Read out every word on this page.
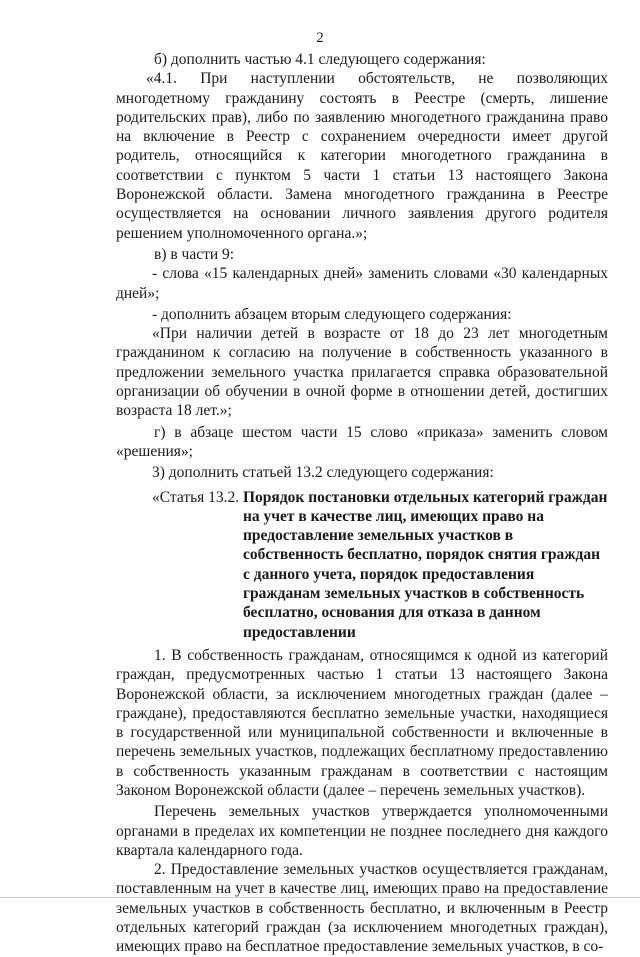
2

б) дополнить частью 4.1 следующего содержания:

«4.1. При наступлении обстоятельств, не позволяющих многодетному гражданину состоять в Реестре (смерть, лишение родительских прав), либо по заявлению многодетного гражданина право на включение в Реестр с сохранением очередности имеет другой родитель, относящийся к категории многодетного гражданина в соответствии с пунктом 5 части 1 статьи 13 настоящего Закона Воронежской области. Замена многодетного гражданина в Реестре осуществляется на основании личного заявления другого родителя решением уполномоченного органа.»;

в) в части 9:

- слова «15 календарных дней» заменить словами «30 календарных дней»;

- дополнить абзацем вторым следующего содержания:

«При наличии детей в возрасте от 18 до 23 лет многодетным гражданином к согласию на получение в собственность указанного в предложении земельного участка прилагается справка образовательной организации об обучении в очной форме в отношении детей, достигших возраста 18 лет.»;

г) в абзаце шестом части 15 слово «приказа» заменить словом «решения»;

3) дополнить статьей 13.2 следующего содержания:

«Статья 13.2. Порядок постановки отдельных категорий граждан на учет в качестве лиц, имеющих право на предоставление земельных участков в собственность бесплатно, порядок снятия граждан с данного учета, порядок предоставления гражданам земельных участков в собственность бесплатно, основания для отказа в данном предоставлении

1. В собственность гражданам, относящимся к одной из категорий граждан, предусмотренных частью 1 статьи 13 настоящего Закона Воронежской области, за исключением многодетных граждан (далее – граждане), предоставляются бесплатно земельные участки, находящиеся в государственной или муниципальной собственности и включенные в перечень земельных участков, подлежащих бесплатному предоставлению в собственность указанным гражданам в соответствии с настоящим Законом Воронежской области (далее – перечень земельных участков).

Перечень земельных участков утверждается уполномоченными органами в пределах их компетенции не позднее последнего дня каждого квартала календарного года.

2. Предоставление земельных участков осуществляется гражданам, поставленным на учет в качестве лиц, имеющих право на предоставление земельных участков в собственность бесплатно, и включенным в Реестр отдельных категорий граждан (за исключением многодетных граждан), имеющих право на бесплатное предоставление земельных участков, в со-
